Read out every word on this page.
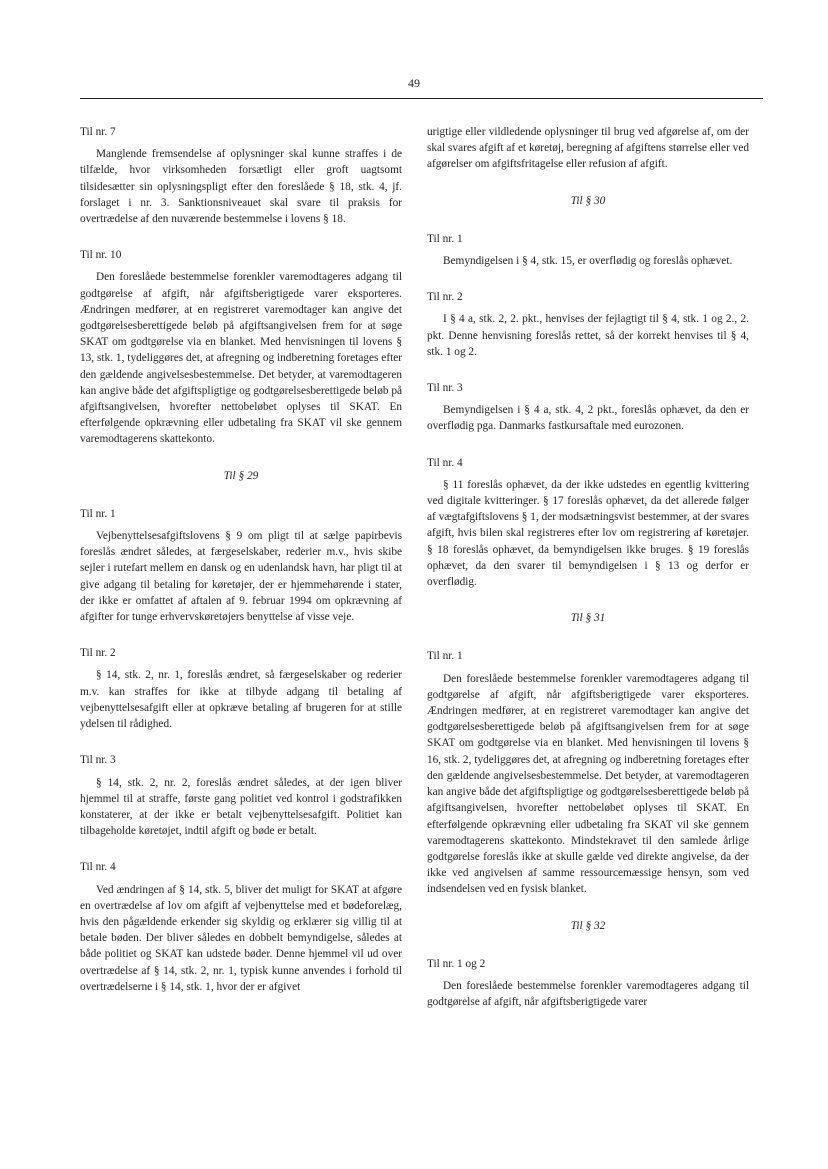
49
Til nr. 7

Manglende fremsendelse af oplysninger skal kunne straffes i de tilfælde, hvor virksomheden forsætligt eller groft uagtsomt tilsidesætter sin oplysningspligt efter den foreslåede § 18, stk. 4, jf. forslaget i nr. 3. Sanktionsniveauet skal svare til praksis for overtrædelse af den nuværende bestemmelse i lovens § 18.

Til nr. 10

Den foreslåede bestemmelse forenkler varemodtageres adgang til godtgørelse af afgift, når afgiftsberigtigede varer eksporteres. Ændringen medfører, at en registreret varemodtager kan angive det godtgørelsesberettigede beløb på afgiftsangivelsen frem for at søge SKAT om godtgørelse via en blanket. Med henvisningen til lovens § 13, stk. 1, tydeliggøres det, at afregning og indberetning foretages efter den gældende angivelsesbestemmelse. Det betyder, at varemodtageren kan angive både det afgiftspligtige og godtgørelsesberettigede beløb på afgiftsangivelsen, hvorefter nettobeløbet oplyses til SKAT. En efterfølgende opkrævning eller udbetaling fra SKAT vil ske gennem varemodtagerens skattekonto.

Til § 29

Til nr. 1

Vejbenyttelsesafgiftslovens § 9 om pligt til at sælge papirbevis foreslås ændret således, at færgeselskaber, rederier m.v., hvis skibe sejler i rutefart mellem en dansk og en udenlandsk havn, har pligt til at give adgang til betaling for køretøjer, der er hjemmehørende i stater, der ikke er omfattet af aftalen af 9. februar 1994 om opkrævning af afgifter for tunge erhvervskøretøjers benyttelse af visse veje.

Til nr. 2

§ 14, stk. 2, nr. 1, foreslås ændret, så færgeselskaber og rederier m.v. kan straffes for ikke at tilbyde adgang til betaling af vejbenyttelsesafgift eller at opkræve betaling af brugeren for at stille ydelsen til rådighed.

Til nr. 3

§ 14, stk. 2, nr. 2, foreslås ændret således, at der igen bliver hjemmel til at straffe, første gang politiet ved kontrol i godstrafikken konstaterer, at der ikke er betalt vejbenyttelsesafgift. Politiet kan tilbageholde køretøjet, indtil afgift og bøde er betalt.

Til nr. 4

Ved ændringen af § 14, stk. 5, bliver det muligt for SKAT at afgøre en overtrædelse af lov om afgift af vejbenyttelse med et bødeforelæg, hvis den pågældende erkender sig skyldig og erklærer sig villig til at betale bøden. Der bliver således en dobbelt bemyndigelse, således at både politiet og SKAT kan udstede bøder. Denne hjemmel vil ud over overtrædelse af § 14, stk. 2, nr. 1, typisk kunne anvendes i forhold til overtrædelserne i § 14, stk. 1, hvor der er afgivet

urigtige eller vildledende oplysninger til brug ved afgørelse af, om der skal svares afgift af et køretøj, beregning af afgiftens størrelse eller ved afgørelser om afgiftsfritagelse eller refusion af afgift.

Til § 30

Til nr. 1

Bemyndigelsen i § 4, stk. 15, er overflødig og foreslås ophævet.

Til nr. 2

I § 4 a, stk. 2, 2. pkt., henvises der fejlagtigt til § 4, stk. 1 og 2., 2. pkt. Denne henvisning foreslås rettet, så der korrekt henvises til § 4, stk. 1 og 2.

Til nr. 3

Bemyndigelsen i § 4 a, stk. 4, 2 pkt., foreslås ophævet, da den er overflødig pga. Danmarks fastkursaftale med eurozonen.

Til nr. 4

§ 11 foreslås ophævet, da der ikke udstedes en egentlig kvittering ved digitale kvitteringer. § 17 foreslås ophævet, da det allerede følger af vægtafgiftslovens § 1, der modsætningsvist bestemmer, at der svares afgift, hvis bilen skal registreres efter lov om registrering af køretøjer. § 18 foreslås ophævet, da bemyndigelsen ikke bruges. § 19 foreslås ophævet, da den svarer til bemyndigelsen i § 13 og derfor er overflødig.

Til § 31

Til nr. 1

Den foreslåede bestemmelse forenkler varemodtageres adgang til godtgørelse af afgift, når afgiftsberigtigede varer eksporteres. Ændringen medfører, at en registreret varemodtager kan angive det godtgørelsesberettigede beløb på afgiftsangivelsen frem for at søge SKAT om godtgørelse via en blanket. Med henvisningen til lovens § 16, stk. 2, tydeliggøres det, at afregning og indberetning foretages efter den gældende angivelsesbestemmelse. Det betyder, at varemodtageren kan angive både det afgiftspligtige og godtgørelsesberettigede beløb på afgiftsangivelsen, hvorefter nettobeløbet oplyses til SKAT. En efterfølgende opkrævning eller udbetaling fra SKAT vil ske gennem varemodtagerens skattekonto. Mindstekravet til den samlede årlige godtgørelse foreslås ikke at skulle gælde ved direkte angivelse, da der ikke ved angivelsen af samme ressourcemæssige hensyn, som ved indsendelsen ved en fysisk blanket.

Til § 32

Til nr. 1 og 2

Den foreslåede bestemmelse forenkler varemodtageres adgang til godtgørelse af afgift, når afgiftsberigtigede varer
